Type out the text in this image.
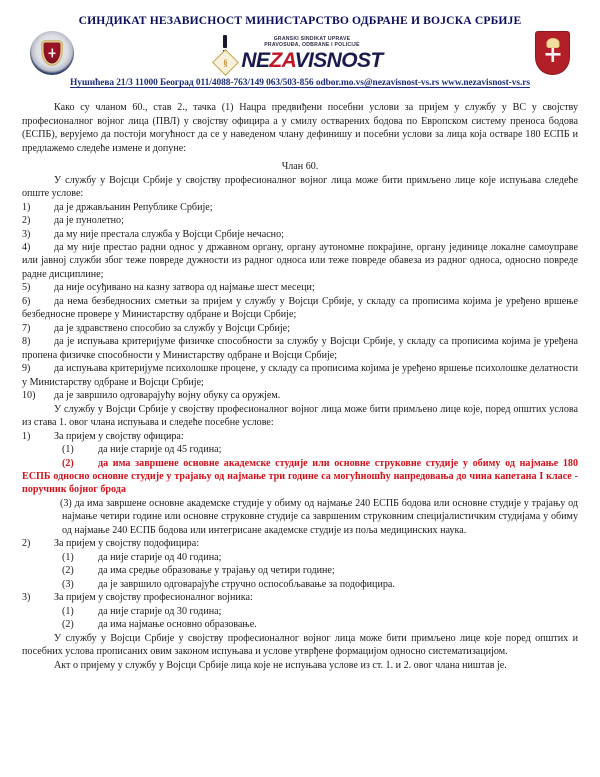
СИНДИКАТ НЕЗАВИСНОСТ МИНИСТАРСТВО ОДБРАНЕ И ВОЈСКА СРБИЈЕ
§
GRANSKI SINDIKAT UPRAVE
PRAVOSUĐA, ODBRANE I POLICIJE
NEZAVISNOST
Нушићева 21/3 11000 Београд 011/4088-763/149 063/503-856 odbor.mo.vs@nezavisnost-vs.rs www.nezavisnost-vs.rs

Како су чланом 60., став 2., тачка (1) Нацра предвиђени посебни услови за пријем у службу у ВС у својству професионалног војног лица (ПВЛ) у својству официра а у смилу остварених бодова по Европском систему преноса бодова (ЕСПБ), верујемо да постоји могућност да се у наведеном члану дефинишу и посебни услови за лица која остваре 180 ЕСПБ и предлажемо следеће измене и допуне:

Члан 60.

У службу у Војсци Србије у својству професионалног војног лица може бити примљено лице које испуњава следеће опште услове:

1)	да је држављанин Републике Србије;
2)	да је пунолетно;
3)	да му није престала служба у Војсци Србије нечасно;

4) да му није престао радни однос у државном органу, органу аутономне покрајине, органу јединице локалне самоуправе или јавној служби због теже повреде дужности из радног односа или теже повреде обавеза из радног односа, односно повреде радне дисциплине;

5)	да није осуђивано на казну затвора од најмање шест месеци;

6) да нема безбедносних сметњи за пријем у службу у Војсци Србије, у складу са прописима којима је уређено вршење безбедносне провере у Министарству одбране и Војсци Србије;

7)	да је здравствено способио за службу у Војсци Србије;

8) да је испуњава критеријуме физичке способности за службу у Војсци Србије, у складу са прописима којима је уређена пропена физичке способности у Министарству одбране и Војсци Србије;

9) да испуњава критеријуме психолошке процене, у складу са прописима којима је уређено вршење психолошке делатности у Министарству одбране и Војсци Србије;

10)	да је завршило одговарајућу војну обуку са оружјем.

У службу у Војсци Србије у својству професионалног војног лица може бити примљено лице које, поред општих услова из става 1. овог члана испуњава и следеће посебне услове:

1)	За пријем у својству официра:
(1)	да није старије од 45 година;

(2) да има завршене основне академске студије или основне струковне студије у обиму од најмање 180 ЕСПБ односно основне студије у трајању од најмање три године са могућношћу напредовања до чина капетана I класе - поручник бојног брода

(3) да има завршене основне академске студије у обиму од најмање 240 ЕСПБ бодова или основне студије у трајању од најмање четири године или основне струковне студије са завршеним струковним специјалистичким студијама у обиму од најмање 240 ЕСПБ бодова или интегрисане академске студије из поља медицинских наука.

2)	За пријем у својству подофицира:
(1)	да није старије од 40 година;
(2)	да има средње образовање у трајању од четири године;
(3)	да је завршило одговарајуће стручно оспособљавање за подофицира.
3)	За пријем у својству професионалног војника:
(1)	да није старије од 30 година;
(2)	да има најмање основно образовање.

У службу у Војсци Србије у својству професионалног војног лица може бити примљено лице које поред општих и посебних услова прописаних овим законом испуњава и услове утврђене формацијом односно систематизацијом.

Акт о пријему у службу у Војсци Србије лица које не испуњава услове из ст. 1. и 2. овог члана ништав је.
